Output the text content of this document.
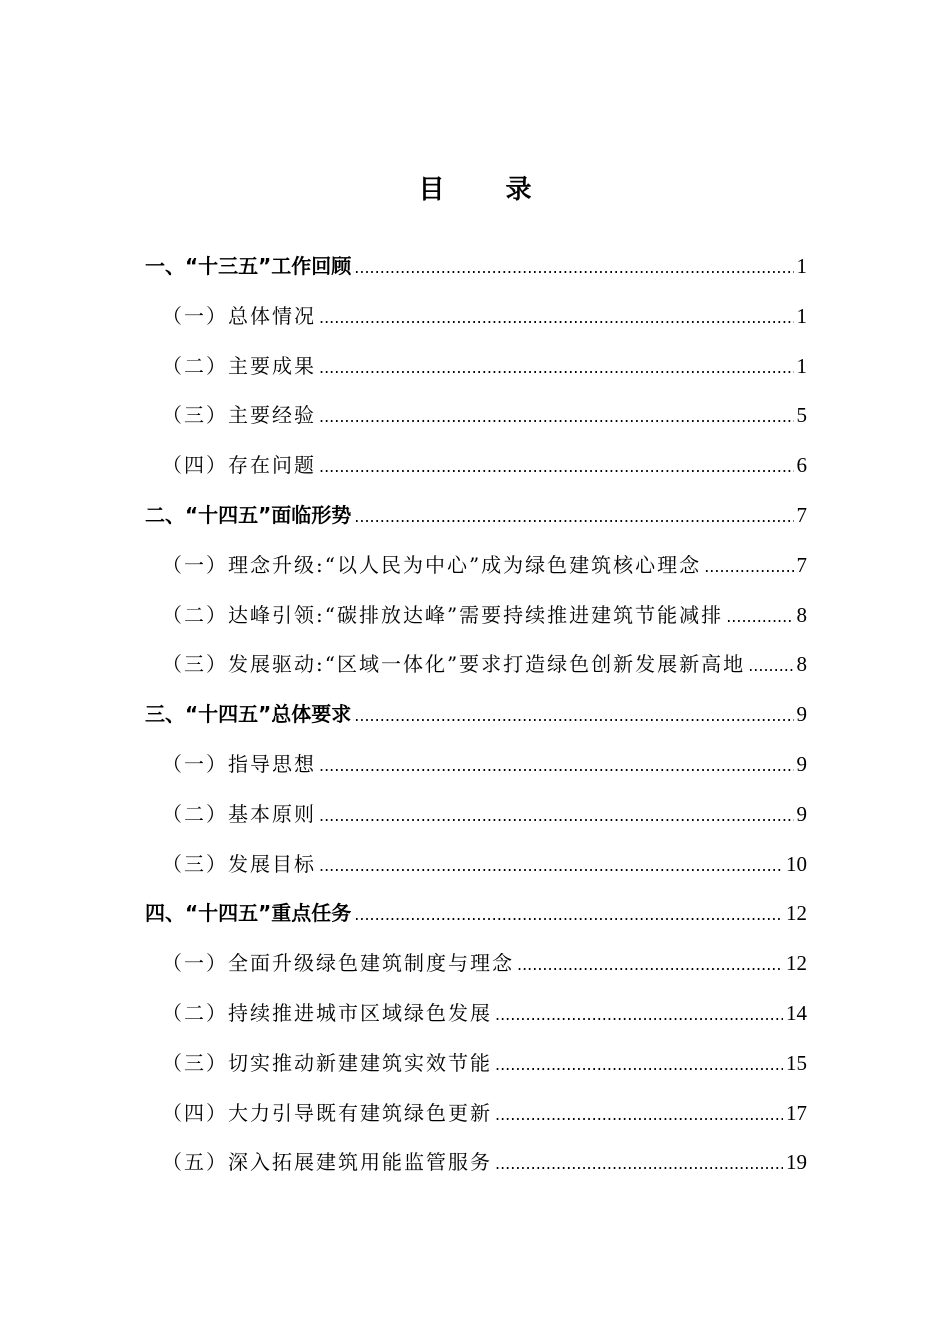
目 录
一、“十三五”工作回顾 .....	1
（一）总体情况 .....	1
（二）主要成果 .....	1
（三）主要经验 .....	5
（四）存在问题 .....	6
二、“十四五”面临形势 .....	7
（一）理念升级:“以人民为中心”成为绿色建筑核心理念 .....	7
（二）达峰引领:“碳排放达峰”需要持续推进建筑节能减排 .....	8
（三）发展驱动:“区域一体化”要求打造绿色创新发展新高地 ..... 8
三、“十四五”总体要求 .....	9
（一）指导思想 .....	9
（二）基本原则 .....	9
（三）发展目标 .....	10
四、“十四五”重点任务 .....	12
（一）全面升级绿色建筑制度与理念 .....	12
（二）持续推进城市区域绿色发展 .....	14
（三）切实推动新建建筑实效节能 .....	15
（四）大力引导既有建筑绿色更新 .....	17
（五）深入拓展建筑用能监管服务 .....	19
